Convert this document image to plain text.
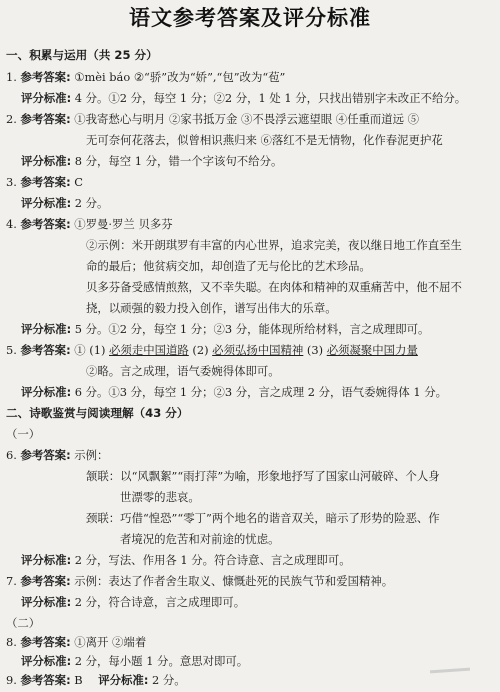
语文参考答案及评分标准
一、积累与运用（共 25 分）
1. 参考答案: ①mèi báo ②“骄”改为“娇”,“包”改为“苞”
评分标准: 4 分。①2 分，每空 1 分；②2 分，1 处 1 分，只找出错别字未改正不给分。
2. 参考答案: ①我寄愁心与明月 ②家书抵万金 ③不畏浮云遮望眼 ④任重而道远 ⑤
无可奈何花落去，似曾相识燕归来 ⑥落红不是无情物，化作春泥更护花
评分标准: 8 分，每空 1 分，错一个字该句不给分。
3. 参考答案: C
评分标准: 2 分。
4. 参考答案: ①罗曼·罗兰 贝多芬
②示例：米开朗琪罗有丰富的内心世界，追求完美，夜以继日地工作直至生
命的最后；他贫病交加，却创造了无与伦比的艺术珍品。
贝多芬备受感情煎熬，又不幸失聪。在肉体和精神的双重痛苦中，他不屈不
挠，以顽强的毅力投入创作，谱写出伟大的乐章。
评分标准: 5 分。①2 分，每空 1 分；②3 分，能体现所给材料，言之成理即可。
5. 参考答案: ① (1) 必须走中国道路 (2) 必须弘扬中国精神 (3) 必须凝聚中国力量
②略。言之成理，语气委婉得体即可。
评分标准: 6 分。①3 分，每空 1 分；②3 分，言之成理 2 分，语气委婉得体 1 分。
二、诗歌鉴赏与阅读理解（43 分）
（一）
6. 参考答案: 示例：
颔联：以“风飘絮”“雨打萍”为喻，形象地抒写了国家山河破碎、个人身
世漂零的悲哀。
颈联：巧借“惶恐”“零丁”两个地名的谐音双关，暗示了形势的险恶、作
者境况的危苦和对前途的忧虑。
评分标准: 2 分，写法、作用各 1 分。符合诗意、言之成理即可。
7. 参考答案: 示例：表达了作者舍生取义、慷慨赴死的民族气节和爱国精神。
评分标准: 2 分，符合诗意，言之成理即可。
（二）
8. 参考答案: ①离开 ②端着
评分标准: 2 分，每小题 1 分。意思对即可。
9. 参考答案: B 评分标准: 2 分。
